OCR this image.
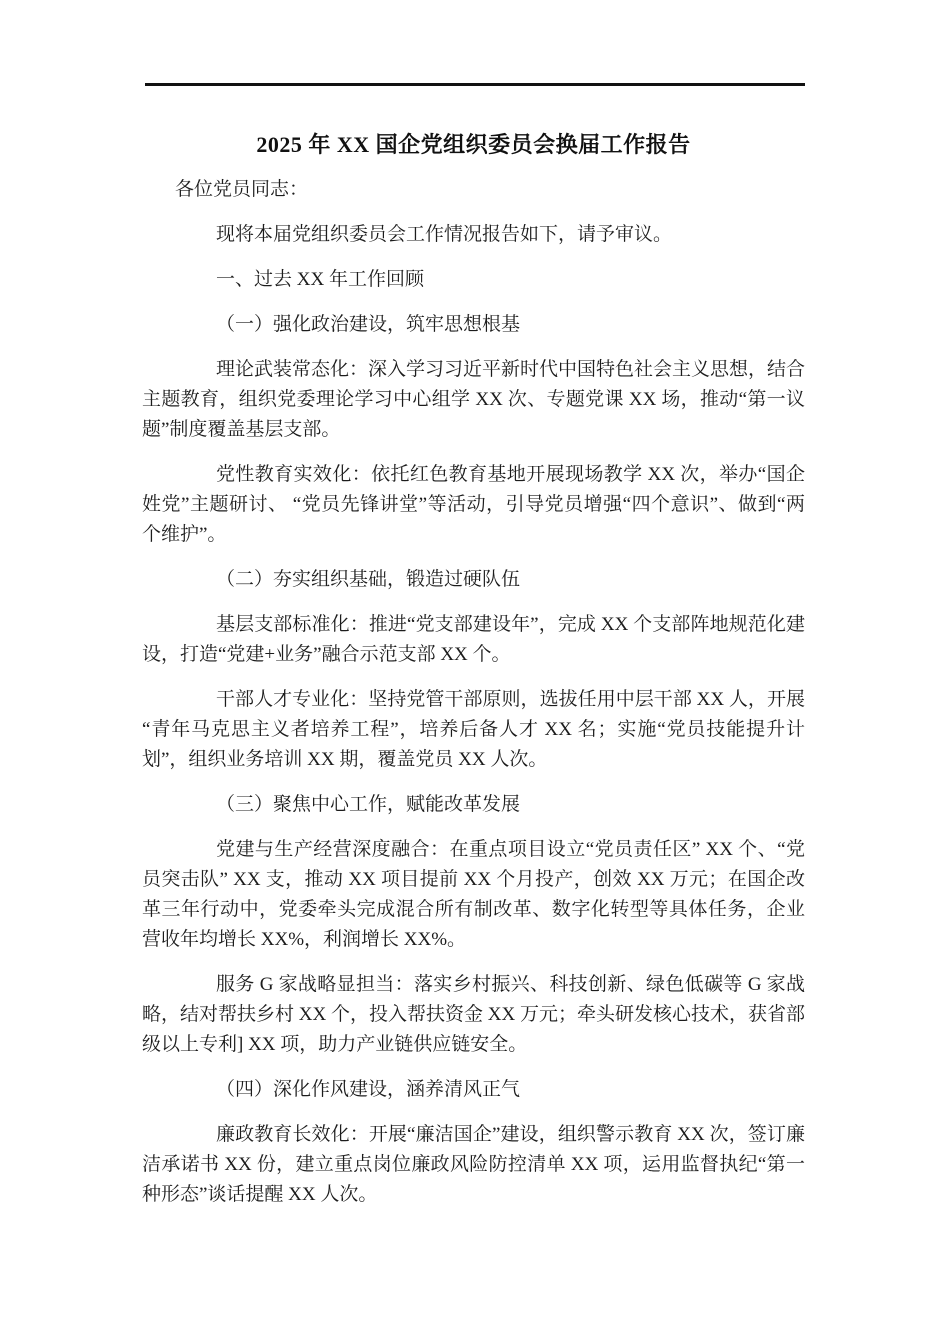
2025 年 XX 国企党组织委员会换届工作报告

各位党员同志：

现将本届党组织委员会工作情况报告如下，请予审议。

一、过去 XX 年工作回顾

（一）强化政治建设，筑牢思想根基

理论武装常态化：深入学习习近平新时代中国特色社会主义思想，结合主题教育，组织党委理论学习中心组学 XX 次、专题党课 XX 场，推动“第一议题”制度覆盖基层支部。

党性教育实效化：依托红色教育基地开展现场教学 XX 次，举办“国企姓党”主题研讨、 “党员先锋讲堂”等活动，引导党员增强“四个意识”、做到“两个维护”。

（二）夯实组织基础，锻造过硬队伍

基层支部标准化：推进“党支部建设年”，完成 XX 个支部阵地规范化建设，打造“党建+业务”融合示范支部 XX 个。

干部人才专业化：坚持党管干部原则，选拔任用中层干部 XX 人，开展“青年马克思主义者培养工程”，培养后备人才 XX 名；实施“党员技能提升计划”，组织业务培训 XX 期，覆盖党员 XX 人次。

（三）聚焦中心工作，赋能改革发展

党建与生产经营深度融合：在重点项目设立“党员责任区” XX 个、“党员突击队” XX 支，推动 XX 项目提前 XX 个月投产，创效 XX 万元；在国企改革三年行动中，党委牵头完成混合所有制改革、数字化转型等具体任务，企业营收年均增长 XX%，利润增长 XX%。

服务 G 家战略显担当：落实乡村振兴、科技创新、绿色低碳等 G 家战略，结对帮扶乡村 XX 个，投入帮扶资金 XX 万元；牵头研发核心技术，获省部级以上专利] XX 项，助力产业链供应链安全。

（四）深化作风建设，涵养清风正气

廉政教育长效化：开展“廉洁国企”建设，组织警示教育 XX 次，签订廉洁承诺书 XX 份，建立重点岗位廉政风险防控清单 XX 项，运用监督执纪“第一种形态”谈话提醒 XX 人次。
